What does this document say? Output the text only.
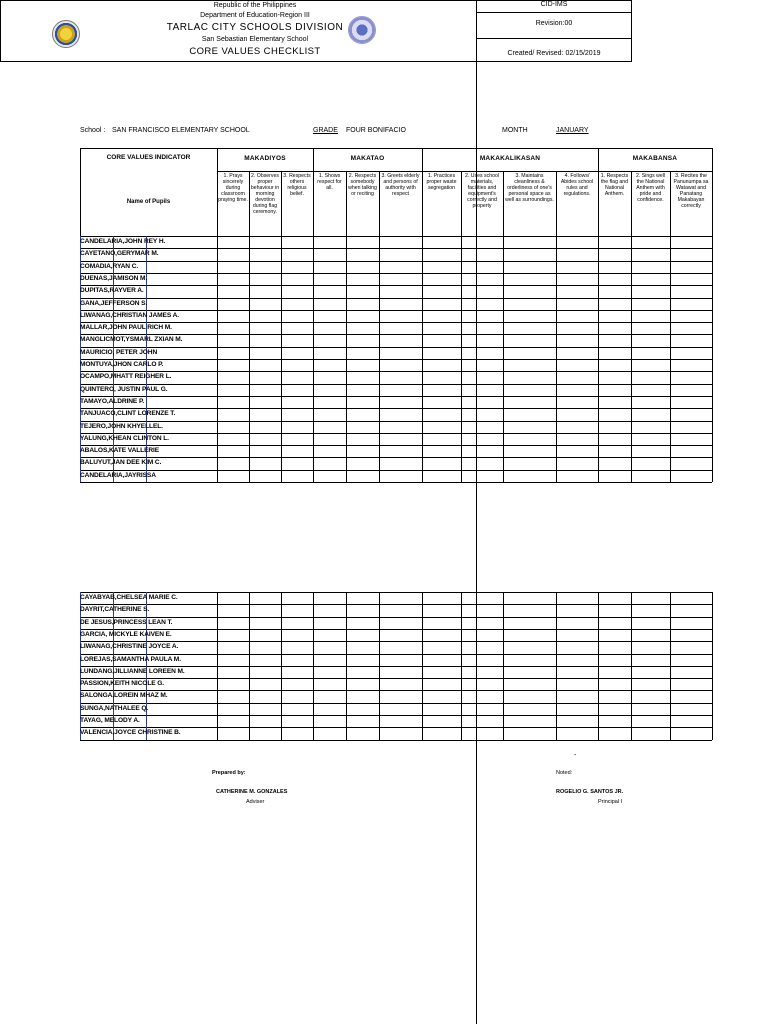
Republic of the Philippines
Department of Education-Region III
TARLAC CITY SCHOOLS DIVISION
San Sebastian Elementary School
CORE VALUES CHECKLIST
CID-IMS
Revision:00
Created/ Revised: 02/15/2019
School : SAN FRANCISCO ELEMENTARY SCHOOL	GRADE FOUR BONIFACIO	MONTH	JANUARY
CORE VALUES INDICATOR
Name of Pupils
MAKADIYOS	MAKATAO	MAKAKALIKASAN	MAKABANSA
-
Prepared by:	Noted:
CATHERINE M. GONZALES
Adviser
ROGELIO G. SANTOS JR.
Principal I
1. Prays sincerely during classroom praying time.
2. Observes proper behaviour in morning devotion during flag ceremony.
3. Respects others religious belief.
1. Shows respect for all.
2. Respects somebody when talking or reciting
3. Greets elderly and persons of authority with respect
1. Practices proper waste segregation
2. Uses school materials, facilities and equipment's correctly and property
3. Maintains cleanliness & orderliness of one's personal space as well as surroundings.
4. Follows/ Abides school rules and regulations.
1. Respects the flag and National Anthem.
2. Sings well the National Anthem with pride and confidence.
3. Recites the Panunumpa sa Watawat and Panatang Makabayan correctly
CANDELARIA,JOHN REY H.
CAYETANO,GERYMAR M.
COMADIA,RYAN C.
DUENAS,JAMISON M.
DUPITAS,RAYVER A.
GANA,JEFFERSON S.
LIWANAG,CHRISTIAN JAMES A.
MALLAR,JOHN PAUL RICH M.
MANGLICMOT,YSMARL ZXIAN M.
MAURICIO, PETER JOHN
MONTUYA,JHON CARLO P.
OCAMPO,MHATT REIGHER L.
QUINTERO, JUSTIN PAUL G.
TAMAYO,ALDRINE P.
TANJUACO,CLINT LORENZE T.
TEJERO,JOHN KHYELLEL.
YALUNG,KHEAN CLINTON L.
ABALOS,KATE VALLERIE
BALUYUT,JAN DEE KIM C.
CANDELARIA,JAYRISSA
CAYABYAB,CHELSEA MARIE C.
DAYRIT,CATHERINE S.
DE JESUS,PRINCESS LEAN T.
GARCIA, MICKYLE KAIVEN E.
LIWANAG,CHRISTINE JOYCE A.
LOREJAS,SAMANTHA PAULA M.
LUNDANG,JILLIANNE LOREEN M.
PASSION,KEITH NICOLE G.
SALONGA,LOREIN MHAZ M.
SUNGA,NATHALEE Q.
TAYAG, MELODY A.
VALENCIA,JOYCE CHRISTINE B.
